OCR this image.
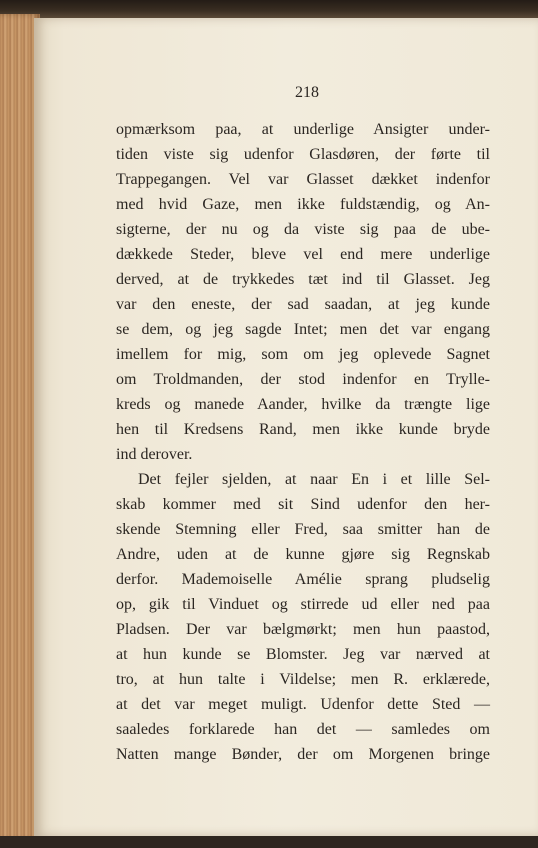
218
opmærksom paa, at underlige Ansigter under-
tiden viste sig udenfor Glasdøren, der førte til
Trappegangen. Vel var Glasset dækket indenfor
med hvid Gaze, men ikke fuldstændig, og An-
sigterne, der nu og da viste sig paa de ube-
dækkede Steder, bleve vel end mere underlige
derved, at de trykkedes tæt ind til Glasset. Jeg
var den eneste, der sad saadan, at jeg kunde
se dem, og jeg sagde Intet; men det var engang
imellem for mig, som om jeg oplevede Sagnet
om Troldmanden, der stod indenfor en Trylle-
kreds og manede Aander, hvilke da trængte lige
hen til Kredsens Rand, men ikke kunde bryde
ind derover.
Det fejler sjelden, at naar En i et lille Sel-
skab kommer med sit Sind udenfor den her-
skende Stemning eller Fred, saa smitter han de
Andre, uden at de kunne gjøre sig Regnskab
derfor. Mademoiselle Amélie sprang pludselig
op, gik til Vinduet og stirrede ud eller ned paa
Pladsen. Der var bælgmørkt; men hun paastod,
at hun kunde se Blomster. Jeg var nærved at
tro, at hun talte i Vildelse; men R. erklærede,
at det var meget muligt. Udenfor dette Sted —
saaledes forklarede han det — samledes om
Natten mange Bønder, der om Morgenen bringe
